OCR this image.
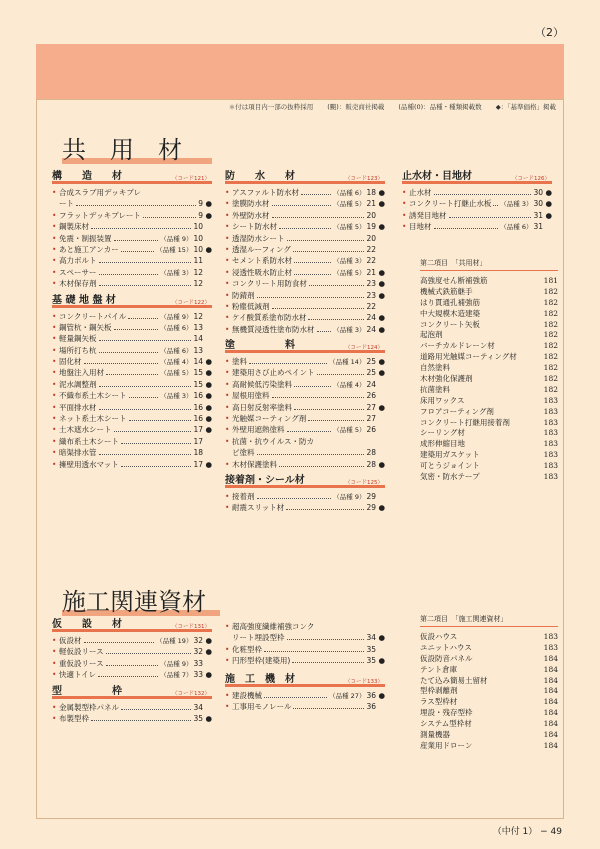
（2）
＊付は項目内一部の抜粋採用 (颶)：販売商社掲載 (品種(0)：品種・種類掲載数 ◆：「基準価格」掲載
共　用　材
施工関連資材
構　　造　　材	（コード121）
• 合成スラブ用デッキプレ
ート	9 ●
• フラットデッキプレート	9 ●
• 鋼製床材	10
• 免震・制振装置	（品種 9） 10
• あと施工アンカー	（品種 15） 10 ●
• 高力ボルト	11
• スペーサー	（品種 3） 12
• 木材保存剤	12
基 礎 地 盤 材	（コード122）
• コンクリートパイル	（品種 9） 12
• 鋼管杭・鋼矢板	（品種 6） 13
• 軽量鋼矢板	14
• 場所打ち杭	（品種 6） 13
• 固化材	（品種 4） 14 ●
• 地盤注入用材	（品種 5） 15 ●
• 泥水調整剤	15 ●
• 不織布系土木シート	（品種 3） 16 ●
• 平面排水材	16 ●
• ネット系土木シート	16 ●
• 土木遮水シート	17 ●
• 織布系土木シート	17
• 暗渠排水管	18
• 擁壁用透水マット	17 ●
防　　水　　材	（コード123）
• アスファルト防水材	（品種 6） 18 ●
• 塗膜防水材	（品種 5） 21 ●
• 外壁防水材	20
• シート防水材	（品種 5） 19 ●
• 透湿防水シート	20
• 透湿ルーフィング	22
• セメント系防水材	（品種 3） 22
• 浸透性吸水防止材	（品種 5） 21 ●
• コンクリート用防食材	23 ●
• 防錆剤	23 ●
• 粉塵低減剤	22
• ケイ酸質系塗布防水材	24 ●
• 無機質浸透性塗布防水材	（品種 3） 24 ●
塗　　　　　料	（コード124）
• 塗料	（品種 14） 25 ●
• 建築用さび止めペイント	25 ●
• 高耐候低汚染塗料	（品種 4） 24
• 屋根用塗料	26
• 高日射反射率塗料	27 ●
• 光触媒コーティング剤	27
• 外壁用遮熱塗料	（品種 5） 26
• 抗菌・抗ウイルス・防カ
ビ塗料	28
• 木材保護塗料	28 ●
接着剤・シール材	（コード125）
• 接着剤	（品種 9） 29
• 耐震スリット材	29 ●
止水材・目地材	（コード126）
• 止水材	30 ●
• コンクリート打継止水板 （品種 3） 30 ●
• 誘発目地材	31 ●
• 目地材	（品種 6） 31
仮　　設　　材	（コード131）
• 仮設材	（品種 19） 32 ●
• 軽仮設リース	32 ●
• 重仮設リース	（品種 9） 33
• 快適トイレ	（品種 7） 33 ●
型　　　　　枠	（コード132）
• 金属製型枠パネル	34
• 布製型枠	35 ●
• 超高強度繊維補強コンク
リート埋設型枠	34 ●
• 化粧型枠	35
• 円形型枠(建築用)	35 ●
施　工　機　材	（コード133）
• 建設機械	（品種 27） 36 ●
• 工事用モノレール	36
第二項目　「共用材」
高強度せん断補強筋	181
機械式鉄筋継手	182
はり貫通孔補強筋	182
中大規模木造建築	182
コンクリート矢板	182
起泡剤	182
バーチカルドレーン材	182
道路用光触媒コーティング材	182
自然塗料	182
木材強化保護剤	182
抗菌塗料	182
床用ワックス	183
フロアコーティング剤	183
コンクリート打継用接着剤	183
シーリング材	183
成形伸縮目地	183
建築用ガスケット	183
可とうジョイント	183
気密・防水テープ	183
第二項目　「施工関連資材」
仮設ハウス	183
ユニットハウス	183
仮設防音パネル	184
テント倉庫	184
たて込み簡易土留材	184
型枠剥離剤	184
ラス型枠材	184
埋設・残存型枠	184
システム型枠材	184
測量機器	184
産業用ドローン	184
（中付 1） − 49
